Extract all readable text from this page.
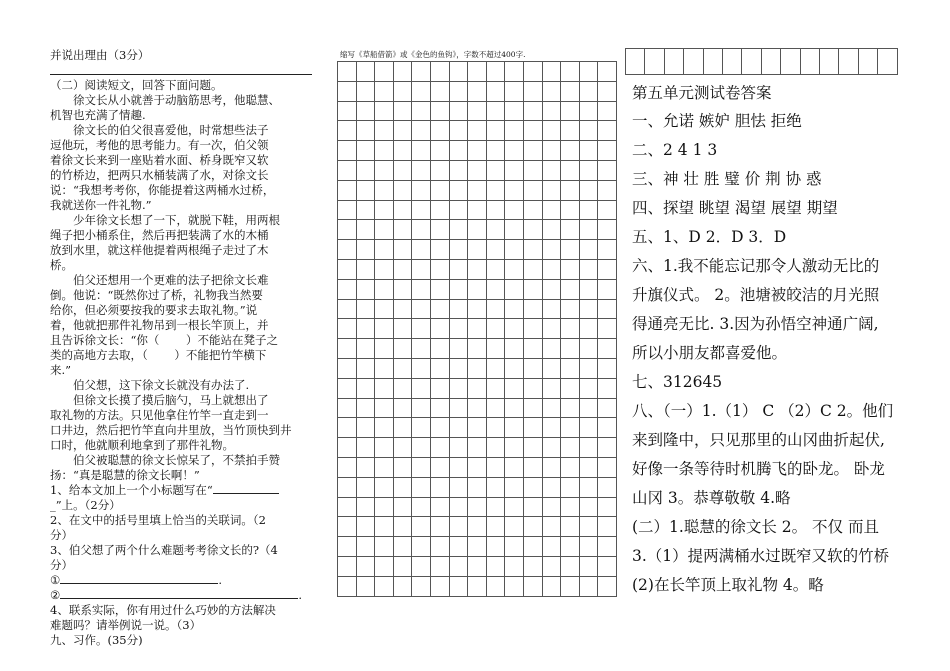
并说出理由（3分）
（二）阅读短文，回答下面问题。
　　徐文长从小就善于动脑筋思考，他聪慧、
机智也充满了情趣.
　　徐文长的伯父很喜爱他，时常想些法子
逗他玩，考他的思考能力。有一次，伯父领
着徐文长来到一座贴着水面、桥身既窄又软
的竹桥边，把两只水桶装满了水，对徐文长
说：“我想考考你，你能提着这两桶水过桥，
我就送你一件礼物.”
　　少年徐文长想了一下，就脱下鞋，用两根
绳子把小桶系住，然后再把装满了水的木桶
放到水里，就这样他提着两根绳子走过了木
桥。
　　伯父还想用一个更难的法子把徐文长难
倒。他说：“既然你过了桥，礼物我当然要
给你，但必须要按我的要求去取礼物。”说
着，他就把那件礼物吊到一根长竿顶上，并
且告诉徐文长：“你（　　 ）不能站在凳子之
类的高地方去取，（　　 ）不能把竹竿横下
来.”
　　伯父想，这下徐文长就没有办法了.
　　但徐文长摸了摸后脑勺，马上就想出了
取礼物的方法。只见他拿住竹竿一直走到一
口井边，然后把竹竿直向井里放，当竹顶快到井
口时，他就顺利地拿到了那件礼物。
　　伯父被聪慧的徐文长惊呆了，不禁拍手赞
扬：“真是聪慧的徐文长啊！”
1、给本文加上一个小标题写在“
_”上。（2分）
2、在文中的括号里填上恰当的关联词。（2
分）
3、伯父想了两个什么难题考考徐文长的?（4
分）
①	.
②	.
4、联系实际，你有用过什么巧妙的方法解决
难题吗？请举例说一说。（3）
九、习作。(35分)
缩写《草船借箭》或《金色的鱼钩》，字数不超过400字.
第五单元测试卷答案
一、允诺 嫉妒 胆怯 拒绝
二、2 4 1 3
三、神 壮 胜 璧 价 荆 协 惑
四、探望 眺望 渴望 展望 期望
五、1、D 2．D 3．D
六、1.我不能忘记那令人激动无比的
升旗仪式。 2。池塘被皎洁的月光照
得通亮无比. 3.因为孙悟空神通广阔,
所以小朋友都喜爱他。
七、312645
八、（一）1.（1） C （2）C 2。他们
来到隆中，只见那里的山冈曲折起伏,
好像一条等待时机腾飞的卧龙。 卧龙
山冈 3。恭尊敬敬 4.略
(二）1.聪慧的徐文长 2。 不仅 而且
3.（1）提两满桶水过既窄又软的竹桥
(2)在长竿顶上取礼物 4。略
